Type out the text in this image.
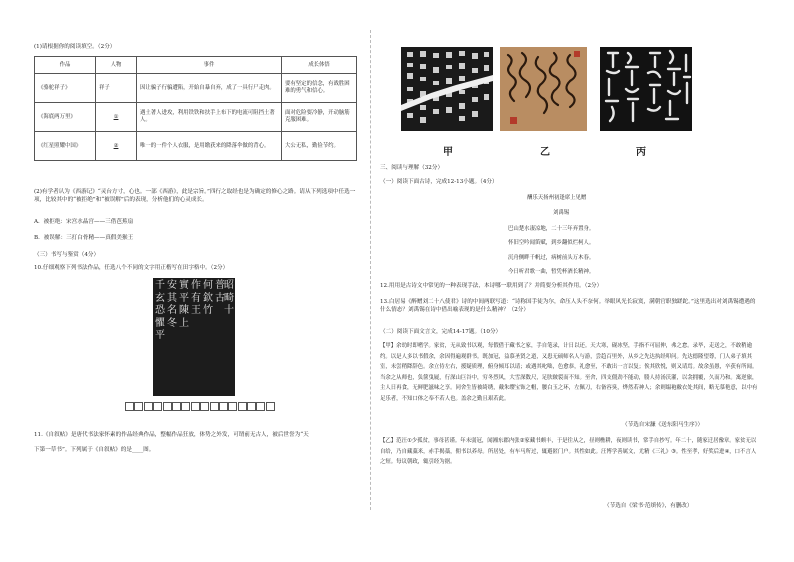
(1)请根据你的阅读填空。（2分）
作品	人物	事件	成长体悟
《骆驼祥子》	祥子	因让骗子行骗遭陷，开始自暴自弃，成了一具行尸走肉。	要有坚定的信念，有战胜困难的勇气和信心。
《海底两万里》	①	遇土著人进攻，利用铁铁和扶手上布下的电流可阻挡土著人。	面对危险要冷静，开动脑筋克服困难。
《红星照耀中国》	②	唯一的一件个人衣服，是用缴获来的降落伞做的背心。	大公无私，勤俭节约。
(2)有学者认为《西游记》“灵台方寸，心也。一部《西游》，此是宗旨。”四行之取经也是为确定的修心之路。请从下列选项中任选一项，比较其中的“被拒绝”和“被误解”后的表现，分析他们的心灵成长。
A．被拒绝：宋宫水晶宫——三借芭蕉扇
B．被误解：三打白骨精——真假美猴王
（三）书写与鉴赏（4分）
10.仔细观察下列书法作品，任选八个不同的文字用正楷写在田字格中。（2分）
千玄恐懼平
安其名冬
實平陳上
作有王
何欽竹
普古
昭畸十
11.《自叙帖》是唐代书法家怀素的作品经典作品，整幅作品狂放，体势之外发，可谓前无古人，被后世誉为“天
下第一草书”。下列属于《自叙帖》的是____图。
甲	乙	丙
三、阅读与理解（32分）
（一）阅读下面古诗，完成12-13小题。（4分）
酬乐天扬州初逢席上见赠
刘禹锡
巴山楚水凄凉地，二十三年弃置身。
怀旧空吟闻笛赋，到乡翻似烂柯人。
沉舟侧畔千帆过，病树前头万木春。
今日听君歌一曲，暂凭杯酒长精神。
12.用用是古诗文中常见的一种表现手法，本诗哪一联用到了？并简要分析其作用。（2分）
13.白居易《醉赠刘二十八使君》诗的中间两联写道：“诗称国手徒为尔，命压人头不奈何。举眼风光长寂寞，满朝官职独蹉跎。”这里选出对刘禹锡遭遇的什么情态？刘禹锡在诗中借出喻表现的是什么精神？（2分）
（二）阅读下面文言文，完成14-17题。（10分）
【甲】余幼时即嗜学。家贫，无从致书以观，每假借于藏书之家，手自笔录，计日以还。天大寒，砚冰坚，手指不可屈伸，弗之怠。录毕，走送之，不敢稍逾约。以是人多以书假余，余因得遍观群书。既加冠，益慕圣贤之道，又患无硕师名人与游，尝趋百里外，从乡之先达执经叩问。先达德隆望尊，门人弟子填其室，未尝稍降辞色。余立侍左右，援疑质理，俯身倾耳以请；或遇其叱咄，色愈恭，礼愈至，不敢出一言以复；俟其欣悦，则又请焉。故余虽愚，卒获有所闻。当余之从师也，负箧曳屣，行深山巨谷中，穷冬烈风，大雪深数尺，足肤皲裂而不知。至舍，四支僵劲不能动，媵人持汤沃灌，以衾拥覆，久而乃和。寓逆旅，主人日再食，无鲜肥滋味之享。同舍生皆被绮绣，戴朱缨宝饰之帽，腰白玉之环，左佩刀，右备容臭，烨然若神人；余则缊袍敝衣处其间，略无慕艳意，以中有足乐者，不知口体之奉不若人也。盖余之勤且艰若此。
（节选自宋濂《送东阳马生序》）
【乙】范汪①少孤贫，事母甚谨。年未弱冠，闻湘东郡内张②家藏书颇丰，于是往从之，昼则樵耕，夜则读书，常手自抄写。年二十，随家迁居豫章。家贫无以自给，乃自藏藁米，赤手揭藁，佣书以养母。所居处，有车马所过，辄避匿门户。其性如此。汪博学善属文，尤精《三礼》③。性至孝，好奖后进④，口不言人之短。每议朝政，辄引经为据。
（节选自《梁书·范缜传》，有删改）
